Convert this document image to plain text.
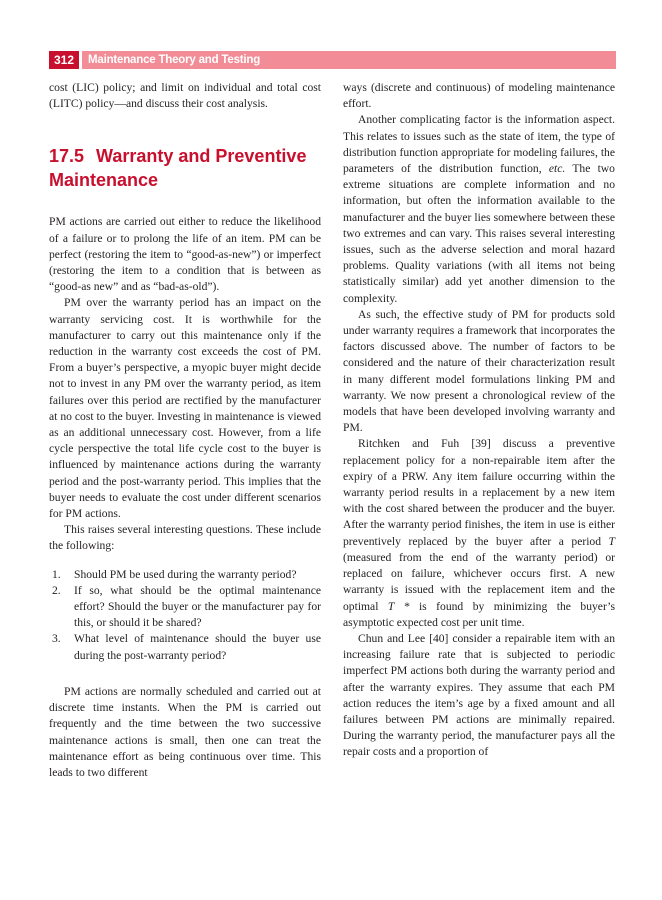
312	Maintenance Theory and Testing

cost (LIC) policy; and limit on individual and total cost (LITC) policy—and discuss their cost analysis.

17.5 Warranty and Preventive Maintenance

PM actions are carried out either to reduce the likelihood of a failure or to prolong the life of an item. PM can be perfect (restoring the item to “good-as-new”) or imperfect (restoring the item to a condition that is between as “good-as new” and as “bad-as-old”).

PM over the warranty period has an impact on the warranty servicing cost. It is worthwhile for the manufacturer to carry out this maintenance only if the reduction in the warranty cost exceeds the cost of PM. From a buyer’s perspective, a myopic buyer might decide not to invest in any PM over the warranty period, as item failures over this period are rectified by the manufacturer at no cost to the buyer. Investing in maintenance is viewed as an additional unnecessary cost. However, from a life cycle perspective the total life cycle cost to the buyer is influenced by maintenance actions during the warranty period and the post-warranty period. This implies that the buyer needs to evaluate the cost under different scenarios for PM actions.

This raises several interesting questions. These include the following:

1.	Should PM be used during the warranty period?
2.	If so, what should be the optimal maintenance effort? Should the buyer or the manufacturer pay for this, or should it be shared?
3.	What level of maintenance should the buyer use during the post-warranty period?

PM actions are normally scheduled and carried out at discrete time instants. When the PM is carried out frequently and the time between the two successive maintenance actions is small, then one can treat the maintenance effort as being continuous over time. This leads to two different

ways (discrete and continuous) of modeling maintenance effort.

Another complicating factor is the information aspect. This relates to issues such as the state of item, the type of distribution function appropriate for modeling failures, the parameters of the distribution function, etc. The two extreme situations are complete information and no information, but often the information available to the manufacturer and the buyer lies somewhere between these two extremes and can vary. This raises several interesting issues, such as the adverse selection and moral hazard problems. Quality variations (with all items not being statistically similar) add yet another dimension to the complexity.

As such, the effective study of PM for products sold under warranty requires a framework that incorporates the factors discussed above. The number of factors to be considered and the nature of their characterization result in many different model formulations linking PM and warranty. We now present a chronological review of the models that have been developed involving warranty and PM.

Ritchken and Fuh [39] discuss a preventive replacement policy for a non-repairable item after the expiry of a PRW. Any item failure occurring within the warranty period results in a replacement by a new item with the cost shared between the producer and the buyer. After the warranty period finishes, the item in use is either preventively replaced by the buyer after a period T (measured from the end of the warranty period) or replaced on failure, whichever occurs first. A new warranty is issued with the replacement item and the optimal T * is found by minimizing the buyer’s asymptotic expected cost per unit time.

Chun and Lee [40] consider a repairable item with an increasing failure rate that is subjected to periodic imperfect PM actions both during the warranty period and after the warranty expires. They assume that each PM action reduces the item’s age by a fixed amount and all failures between PM actions are minimally repaired. During the warranty period, the manufacturer pays all the repair costs and a proportion of
